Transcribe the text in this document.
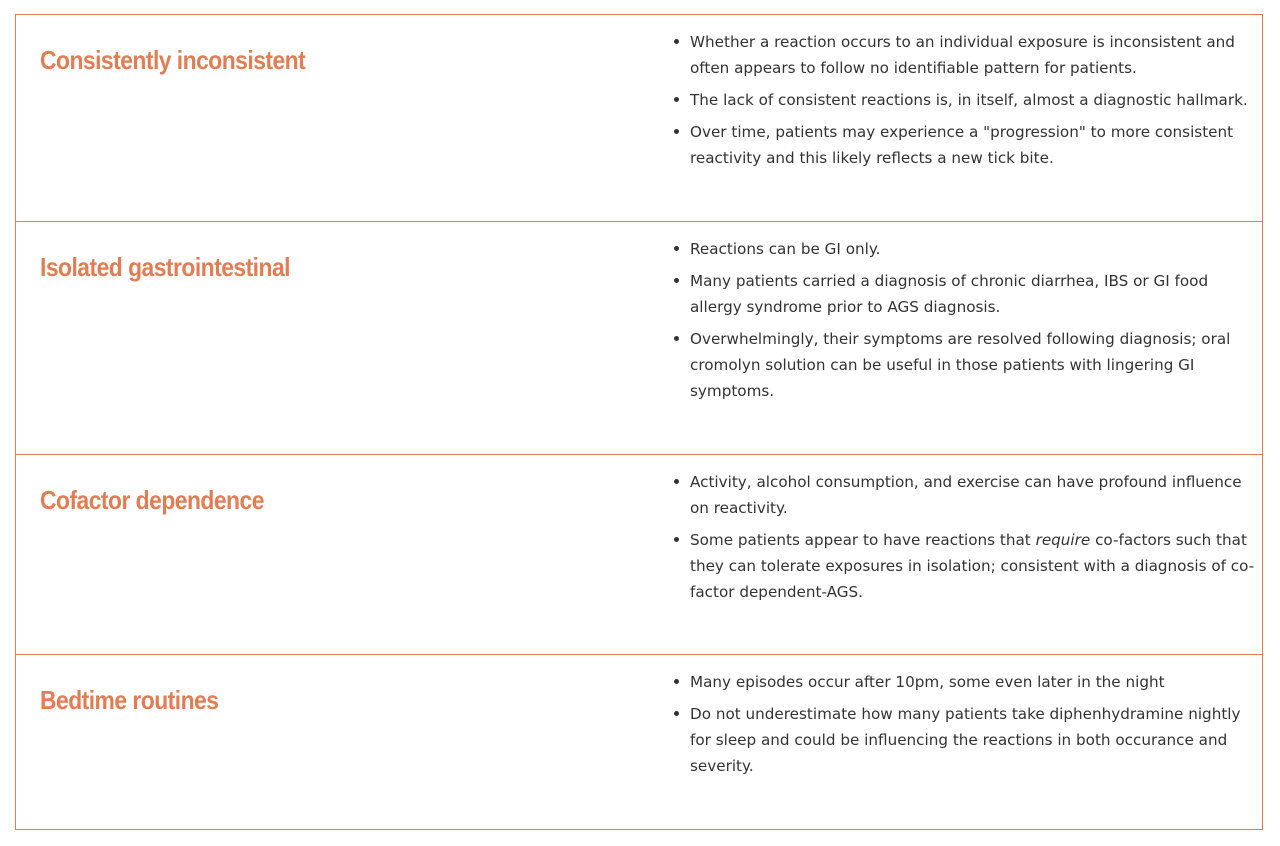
Consistently inconsistent
Whether a reaction occurs to an individual exposure is inconsistent and often appears to follow no identifiable pattern for patients.
The lack of consistent reactions is, in itself, almost a diagnostic hallmark.
Over time, patients may experience a "progression" to more consistent reactivity and this likely reflects a new tick bite.
Isolated gastrointestinal
Reactions can be GI only.
Many patients carried a diagnosis of chronic diarrhea, IBS or GI food allergy syndrome prior to AGS diagnosis.
Overwhelmingly, their symptoms are resolved following diagnosis; oral cromolyn solution can be useful in those patients with lingering GI symptoms.
Cofactor dependence
Activity, alcohol consumption, and exercise can have profound influence on reactivity.
Some patients appear to have reactions that require co-factors such that they can tolerate exposures in isolation; consistent with a diagnosis of co-factor dependent-AGS.
Bedtime routines
Many episodes occur after 10pm, some even later in the night
Do not underestimate how many patients take diphenhydramine nightly for sleep and could be influencing the reactions in both occurance and severity.
